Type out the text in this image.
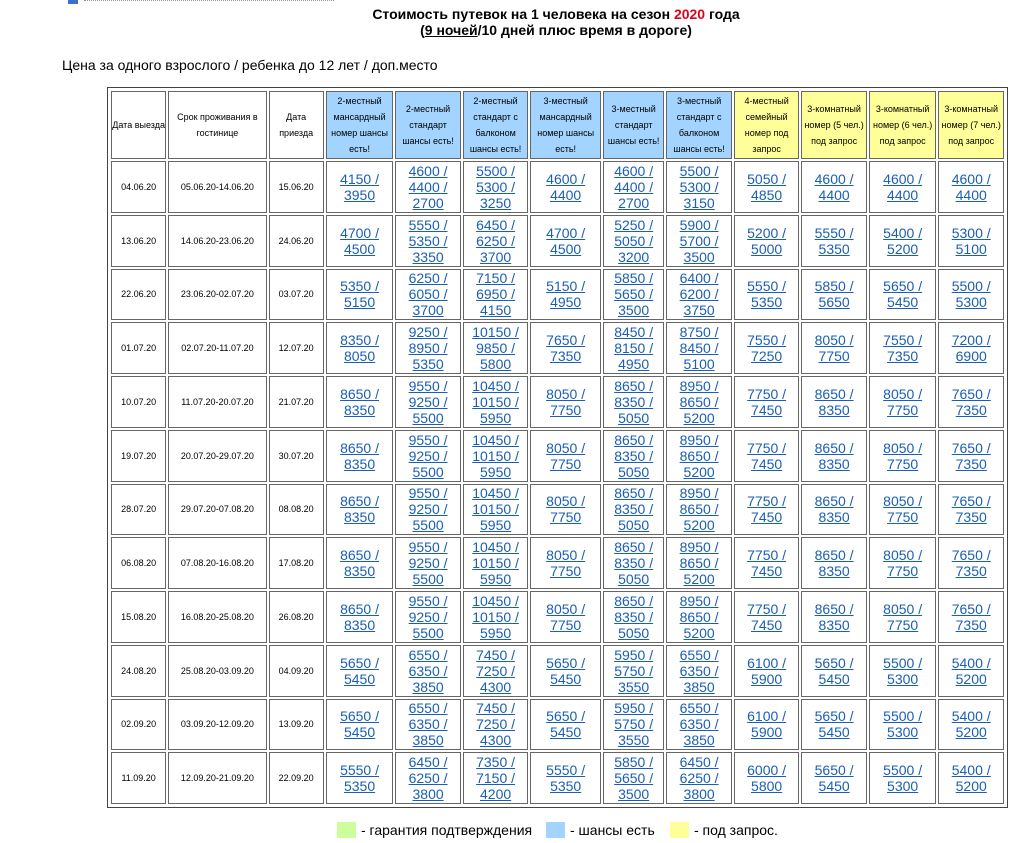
Стоимость путевок на 1 человека на сезон 2020 года
(9 ночей/10 дней плюс время в дороге)
Цена за одного взрослого / ребенка до 12 лет / доп.место
Дата выезда	Срок проживания в гостинице	Дата приезда	2-местный мансардный номер шансы есть!	2-местный стандарт шансы есть!	2-местный стандарт с балконом шансы есть!	3-местный мансардный номер шансы есть!	3-местный стандарт шансы есть!	3-местный стандарт с балконом шансы есть!	4-местный семейный номер под запрос	3-комнатный номер (5 чел.) под запрос	3-комнатный номер (6 чел.) под запрос	3-комнатный номер (7 чел.) под запрос
04.06.20	05.06.20-14.06.20	15.06.20	4150 /
3950	4600 /
4400 /
2700	5500 /
5300 /
3250	4600 /
4400	4600 /
4400 /
2700	5500 /
5300 /
3150	5050 /
4850	4600 /
4400	4600 /
4400	4600 /
4400

13.06.20	14.06.20-23.06.20	24.06.20	4700 /
4500	5550 /
5350 /
3350	6450 /
6250 /
3700	4700 /
4500	5250 /
5050 /
3200	5900 /
5700 /
3500	5200 /
5000	5550 /
5350	5400 /
5200	5300 /
5100

22.06.20	23.06.20-02.07.20	03.07.20	5350 /
5150	6250 /
6050 /
3700	7150 /
6950 /
4150	5150 /
4950	5850 /
5650 /
3500	6400 /
6200 /
3750	5550 /
5350	5850 /
5650	5650 /
5450	5500 /
5300

01.07.20	02.07.20-11.07.20	12.07.20	8350 /
8050	9250 /
8950 /
5350	10150 /
9850 /
5800	7650 /
7350	8450 /
8150 /
4950	8750 /
8450 /
5100	7550 /
7250	8050 /
7750	7550 /
7350	7200 /
6900

10.07.20	11.07.20-20.07.20	21.07.20	8650 /
8350	9550 /
9250 /
5500	10450 /
10150 /
5950	8050 /
7750	8650 /
8350 /
5050	8950 /
8650 /
5200	7750 /
7450	8650 /
8350	8050 /
7750	7650 /
7350

19.07.20	20.07.20-29.07.20	30.07.20	8650 /
8350	9550 /
9250 /
5500	10450 /
10150 /
5950	8050 /
7750	8650 /
8350 /
5050	8950 /
8650 /
5200	7750 /
7450	8650 /
8350	8050 /
7750	7650 /
7350

28.07.20	29.07.20-07.08.20	08.08.20	8650 /
8350	9550 /
9250 /
5500	10450 /
10150 /
5950	8050 /
7750	8650 /
8350 /
5050	8950 /
8650 /
5200	7750 /
7450	8650 /
8350	8050 /
7750	7650 /
7350

06.08.20	07.08.20-16.08.20	17.08.20	8650 /
8350	9550 /
9250 /
5500	10450 /
10150 /
5950	8050 /
7750	8650 /
8350 /
5050	8950 /
8650 /
5200	7750 /
7450	8650 /
8350	8050 /
7750	7650 /
7350

15.08.20	16.08.20-25.08.20	26.08.20	8650 /
8350	9550 /
9250 /
5500	10450 /
10150 /
5950	8050 /
7750	8650 /
8350 /
5050	8950 /
8650 /
5200	7750 /
7450	8650 /
8350	8050 /
7750	7650 /
7350

24.08.20	25.08.20-03.09.20	04.09.20	5650 /
5450	6550 /
6350 /
3850	7450 /
7250 /
4300	5650 /
5450	5950 /
5750 /
3550	6550 /
6350 /
3850	6100 /
5900	5650 /
5450	5500 /
5300	5400 /
5200

02.09.20	03.09.20-12.09.20	13.09.20	5650 /
5450	6550 /
6350 /
3850	7450 /
7250 /
4300	5650 /
5450	5950 /
5750 /
3550	6550 /
6350 /
3850	6100 /
5900	5650 /
5450	5500 /
5300	5400 /
5200

11.09.20	12.09.20-21.09.20	22.09.20	5550 /
5350	6450 /
6250 /
3800	7350 /
7150 /
4200	5550 /
5350	5850 /
5650 /
3500	6450 /
6250 /
3800	6000 /
5800	5650 /
5450	5500 /
5300	5400 /
5200
- гарантия подтверждения	- шансы есть	- под запрос.
